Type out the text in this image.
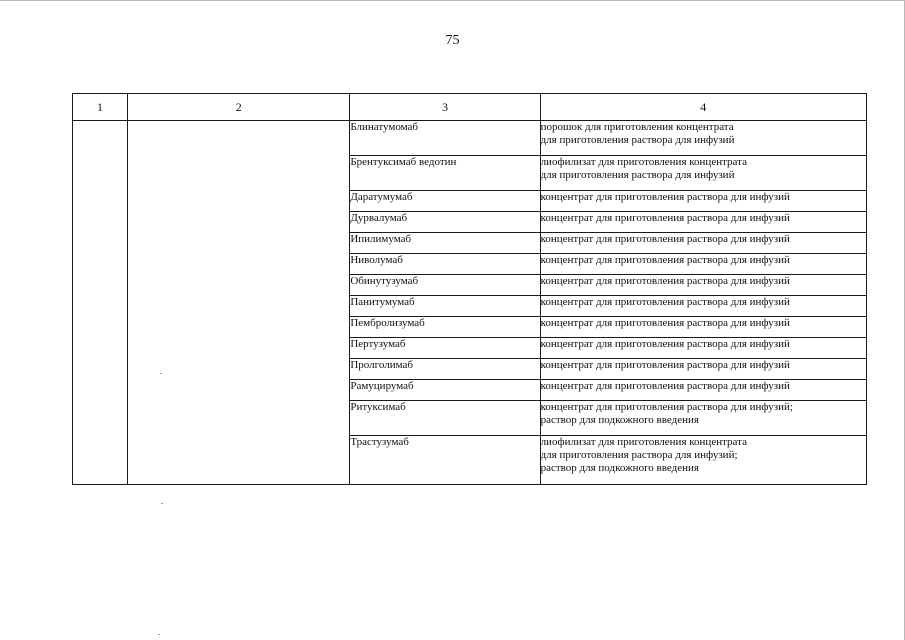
75
1	2	3	4
		Блинатумомаб	порошок для приготовления концентрата
для приготовления раствора для инфузий

		Брентуксимаб ведотин	лиофилизат для приготовления концентрата
для приготовления раствора для инфузий

		Даратумумаб	концентрат для приготовления раствора для инфузий

		Дурвалумаб	концентрат для приготовления раствора для инфузий

		Ипилимумаб	концентрат для приготовления раствора для инфузий

		Ниволумаб	концентрат для приготовления раствора для инфузий

		Обинутузумаб	концентрат для приготовления раствора для инфузий

		Панитумумаб	концентрат для приготовления раствора для инфузий

		Пембролизумаб	концентрат для приготовления раствора для инфузий

		Пертузумаб	концентрат для приготовления раствора для инфузий

		Пролголимаб	концентрат для приготовления раствора для инфузий

		Рамуцирумаб	концентрат для приготовления раствора для инфузий

		Ритуксимаб	концентрат для приготовления раствора для инфузий;
раствор для подкожного введения

		Трастузумаб	лиофилизат для приготовления концентрата
для приготовления раствора для инфузий;
раствор для подкожного введения
